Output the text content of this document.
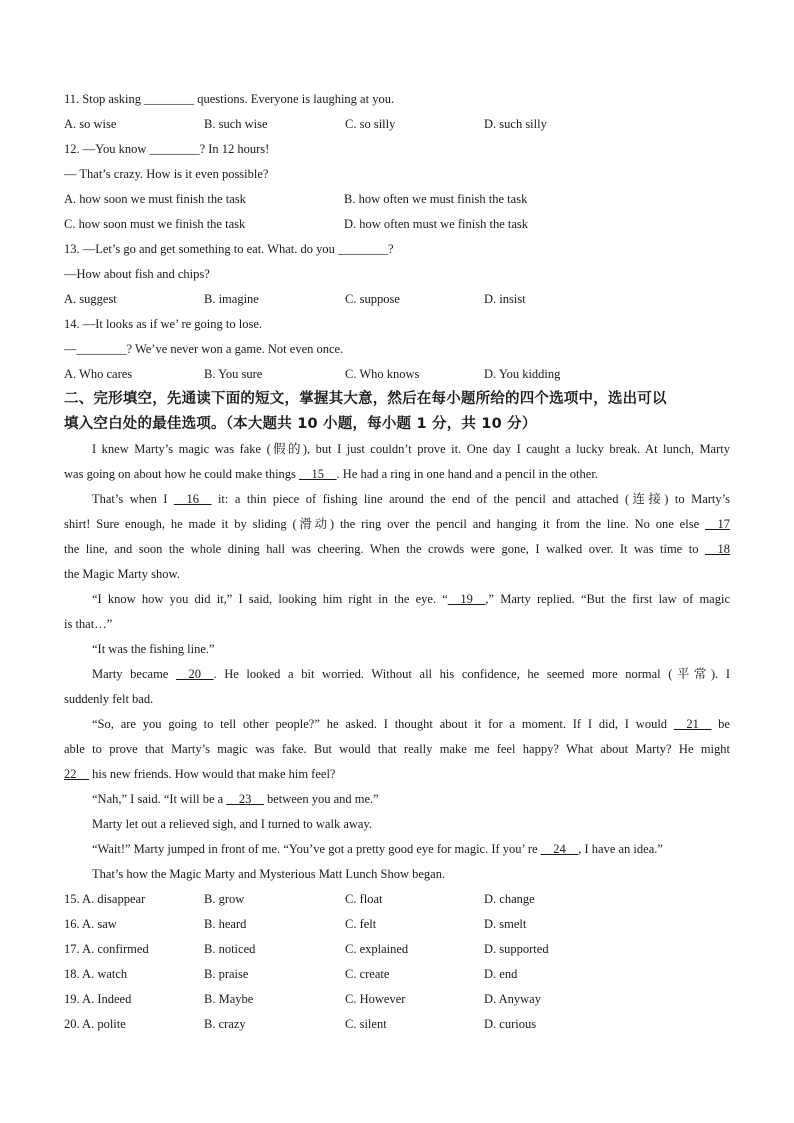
11. Stop asking ________ questions. Everyone is laughing at you.
A. so wise	B. such wise	C. so silly	D. such silly
12. —You know ________? In 12 hours!
— That’s crazy. How is it even possible?
A. how soon we must finish the task	B. how often we must finish the task
C. how soon must we finish the task	D. how often must we finish the task
13. —Let’s go and get something to eat. What. do you ________?
—How about fish and chips?
A. suggest	B. imagine	C. suppose	D. insist
14. —It looks as if we’ re going to lose.
—________? We’ve never won a game. Not even once.
A. Who cares	B. You sure	C. Who knows	D. You kidding
二、完形填空，先通读下面的短文，掌握其大意，然后在每小题所给的四个选项中，选出可以
填入空白处的最佳选项。（本大题共 10 小题，每小题 1 分，共 10 分）
I knew Marty’s magic was fake (假的), but I just couldn’t prove it. One day I caught a lucky break. At lunch, Marty
was going on about how he could make things __15__. He had a ring in one hand and a pencil in the other.
That’s when I __16__ it: a thin piece of fishing line around the end of the pencil and attached (连接) to Marty’s
shirt! Sure enough, he made it by sliding (滑动) the ring over the pencil and hanging it from the line. No one else __17
the line, and soon the whole dining hall was cheering. When the crowds were gone, I walked over. It was time to __18
the Magic Marty show.
“I know how you did it,” I said, looking him right in the eye. “__19__,” Marty replied. “But the first law of magic
is that…”
“It was the fishing line.”
Marty became __20__. He looked a bit worried. Without all his confidence, he seemed more normal (平常). I
suddenly felt bad.
“So, are you going to tell other people?” he asked. I thought about it for a moment. If I did, I would __21__ be
able to prove that Marty’s magic was fake. But would that really make me feel happy? What about Marty? He might
22__ his new friends. How would that make him feel?
“Nah,” I said. “It will be a __23__ between you and me.”
Marty let out a relieved sigh, and I turned to walk away.
“Wait!” Marty jumped in front of me. “You’ve got a pretty good eye for magic. If you’ re __24__, I have an idea.”
That’s how the Magic Marty and Mysterious Matt Lunch Show began.
15. A. disappear	B. grow	C. float	D. change
16. A. saw	B. heard	C. felt	D. smelt
17. A. confirmed	B. noticed	C. explained	D. supported
18. A. watch	B. praise	C. create	D. end
19. A. Indeed	B. Maybe	C. However	D. Anyway
20. A. polite	B. crazy	C. silent	D. curious
